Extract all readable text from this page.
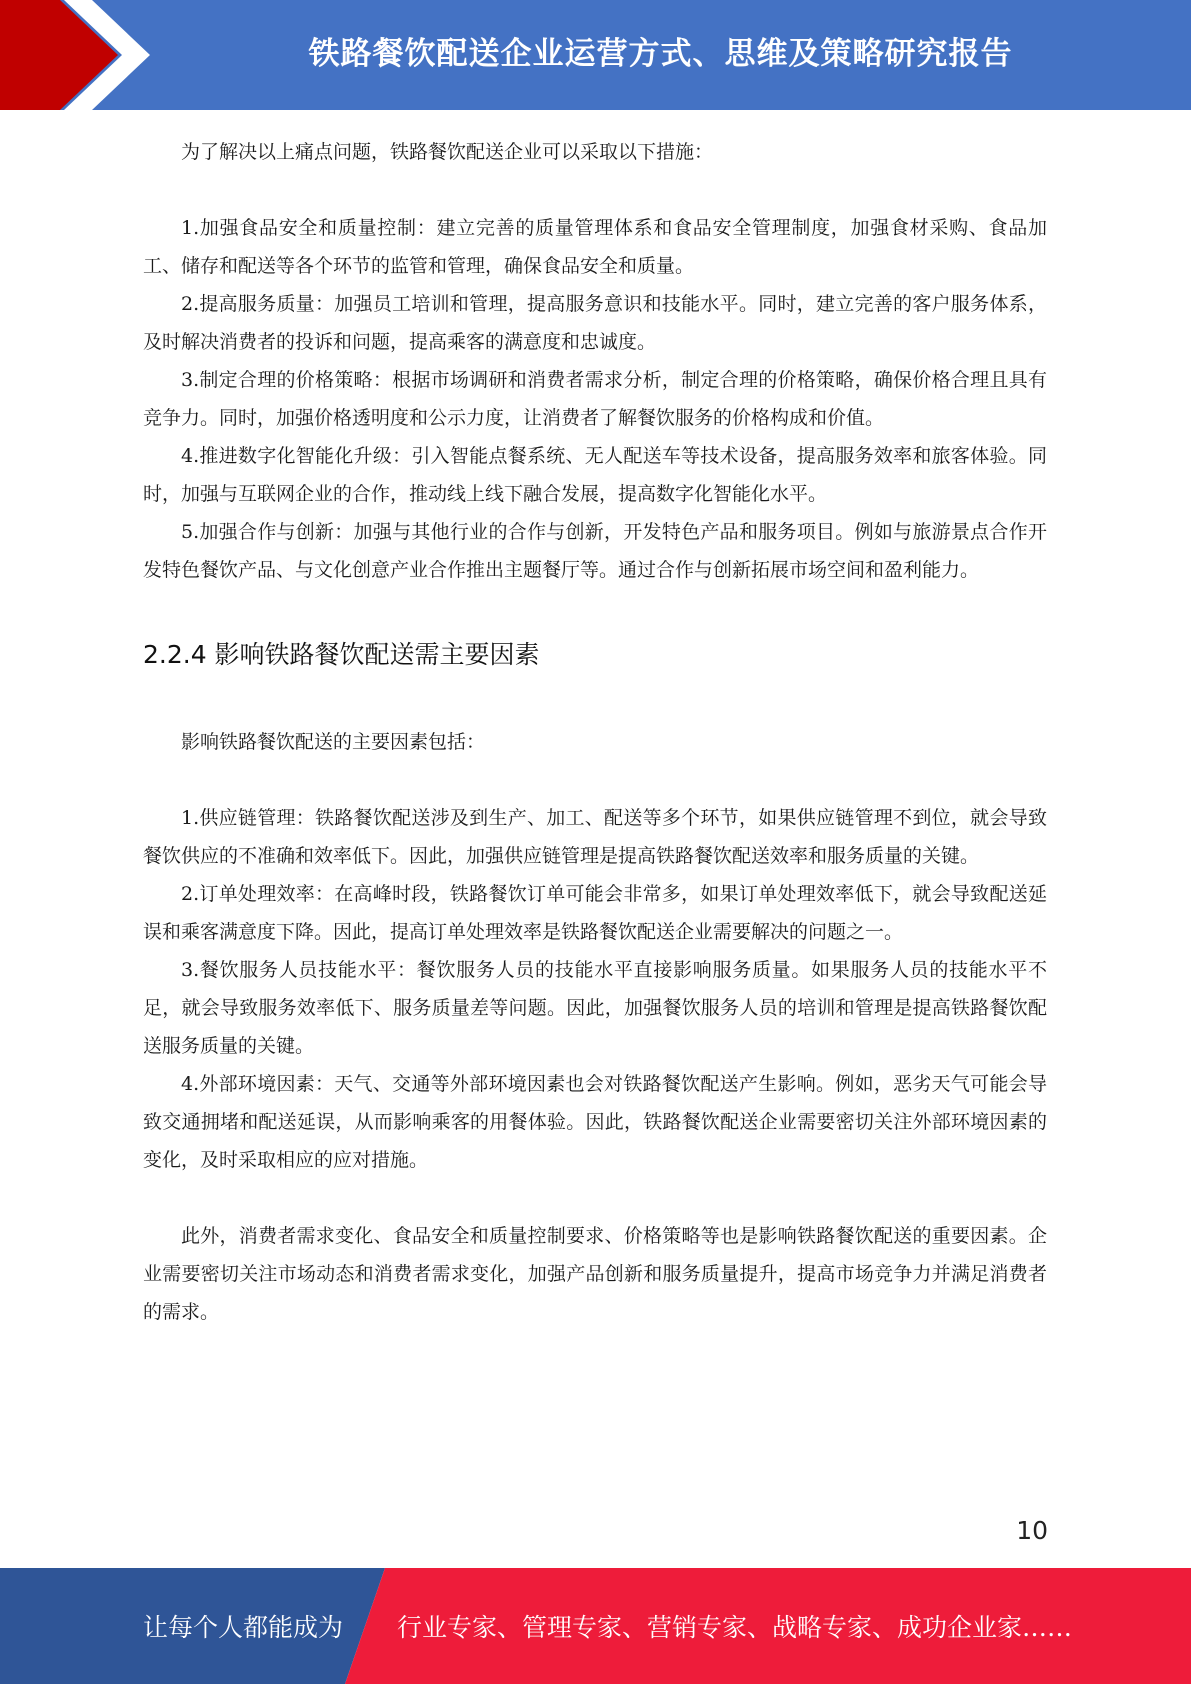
铁路餐饮配送企业运营方式、思维及策略研究报告

为了解决以上痛点问题，铁路餐饮配送企业可以采取以下措施：

1.加强食品安全和质量控制：建立完善的质量管理体系和食品安全管理制度，加强食材采购、食品加工、储存和配送等各个环节的监管和管理，确保食品安全和质量。

2.提高服务质量：加强员工培训和管理，提高服务意识和技能水平。同时，建立完善的客户服务体系，及时解决消费者的投诉和问题，提高乘客的满意度和忠诚度。

3.制定合理的价格策略：根据市场调研和消费者需求分析，制定合理的价格策略，确保价格合理且具有竞争力。同时，加强价格透明度和公示力度，让消费者了解餐饮服务的价格构成和价值。

4.推进数字化智能化升级：引入智能点餐系统、无人配送车等技术设备，提高服务效率和旅客体验。同时，加强与互联网企业的合作，推动线上线下融合发展，提高数字化智能化水平。

5.加强合作与创新：加强与其他行业的合作与创新，开发特色产品和服务项目。例如与旅游景点合作开发特色餐饮产品、与文化创意产业合作推出主题餐厅等。通过合作与创新拓展市场空间和盈利能力。

2.2.4 影响铁路餐饮配送需主要因素

影响铁路餐饮配送的主要因素包括：

1.供应链管理：铁路餐饮配送涉及到生产、加工、配送等多个环节，如果供应链管理不到位，就会导致餐饮供应的不准确和效率低下。因此，加强供应链管理是提高铁路餐饮配送效率和服务质量的关键。

2.订单处理效率：在高峰时段，铁路餐饮订单可能会非常多，如果订单处理效率低下，就会导致配送延误和乘客满意度下降。因此，提高订单处理效率是铁路餐饮配送企业需要解决的问题之一。

3.餐饮服务人员技能水平：餐饮服务人员的技能水平直接影响服务质量。如果服务人员的技能水平不足，就会导致服务效率低下、服务质量差等问题。因此，加强餐饮服务人员的培训和管理是提高铁路餐饮配送服务质量的关键。

4.外部环境因素：天气、交通等外部环境因素也会对铁路餐饮配送产生影响。例如，恶劣天气可能会导致交通拥堵和配送延误，从而影响乘客的用餐体验。因此，铁路餐饮配送企业需要密切关注外部环境因素的变化，及时采取相应的应对措施。

此外，消费者需求变化、食品安全和质量控制要求、价格策略等也是影响铁路餐饮配送的重要因素。企业需要密切关注市场动态和消费者需求变化，加强产品创新和服务质量提升，提高市场竞争力并满足消费者的需求。

10
让每个人都能成为 行业专家、管理专家、营销专家、战略专家、成功企业家……
